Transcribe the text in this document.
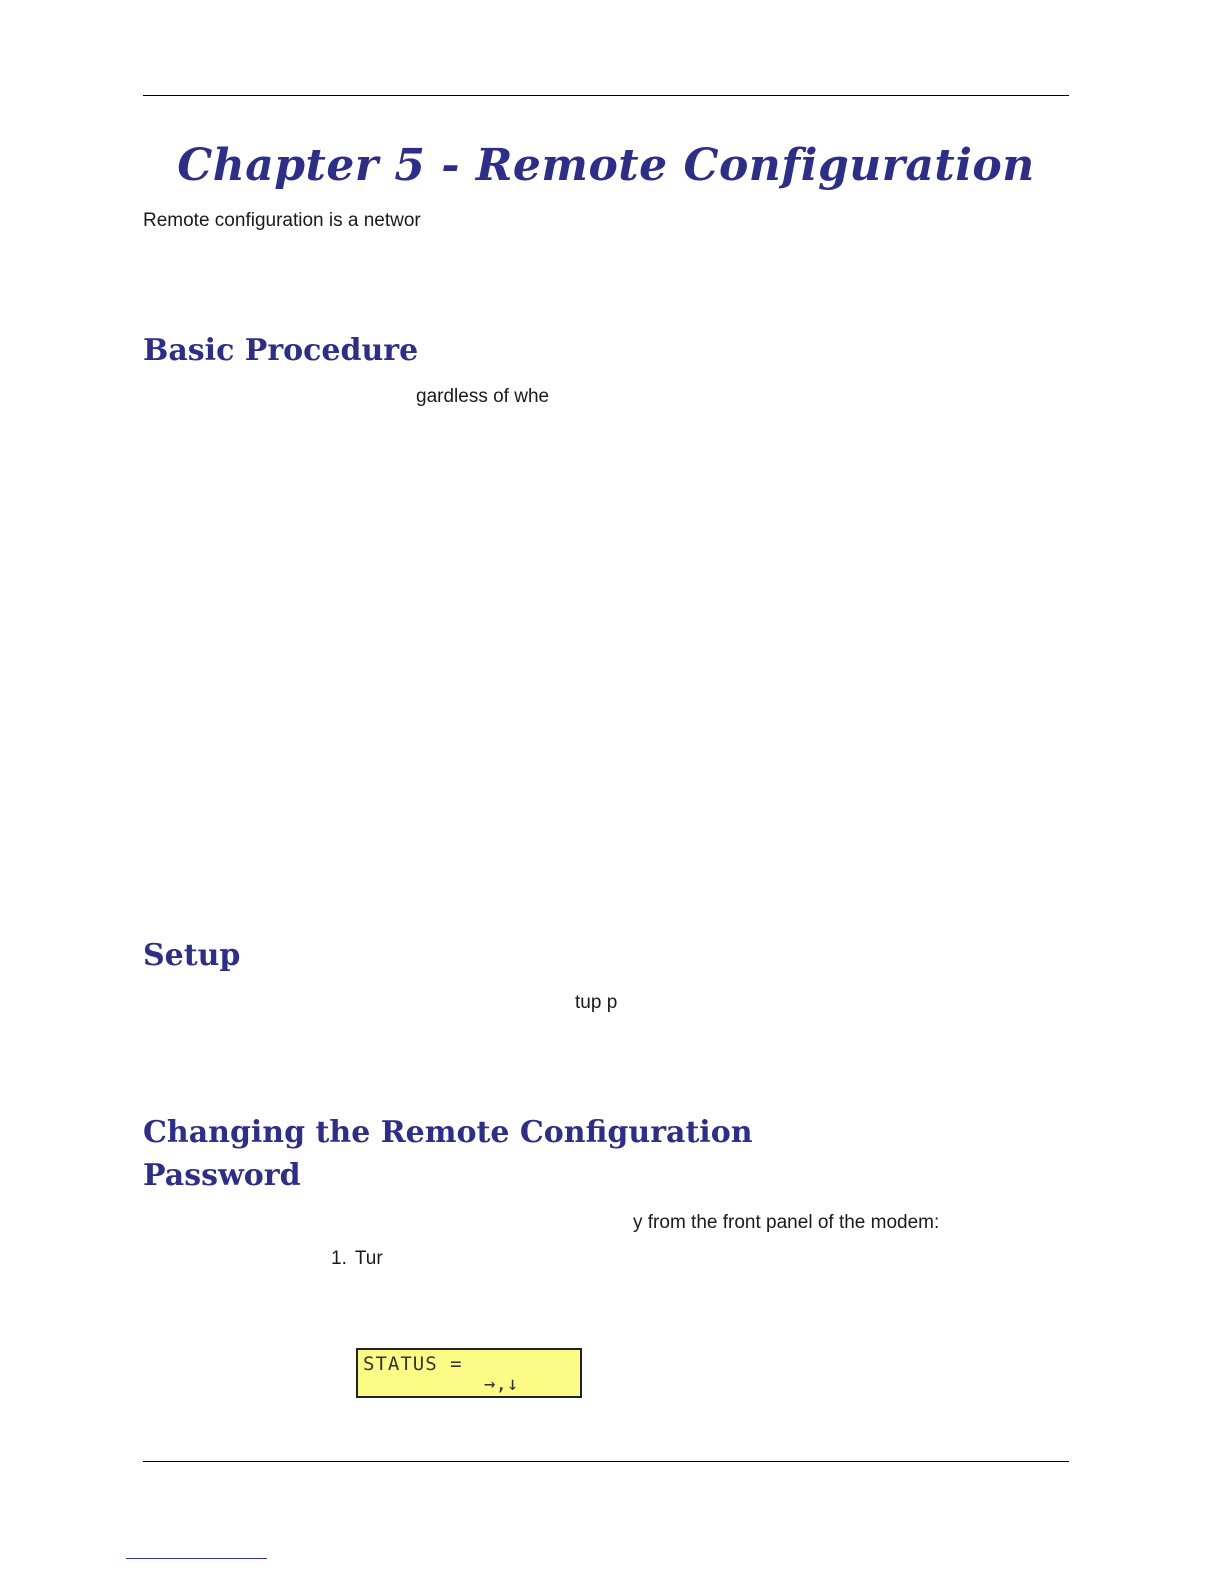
Chapter 5 - Remote Configuration

Remote configuration is a networ

Basic Procedure

gardless of whe

Setup

tup p

Changing the Remote Configuration
Password

y from the front panel of the modem:

1. Tur

STATUS =
→,↓
